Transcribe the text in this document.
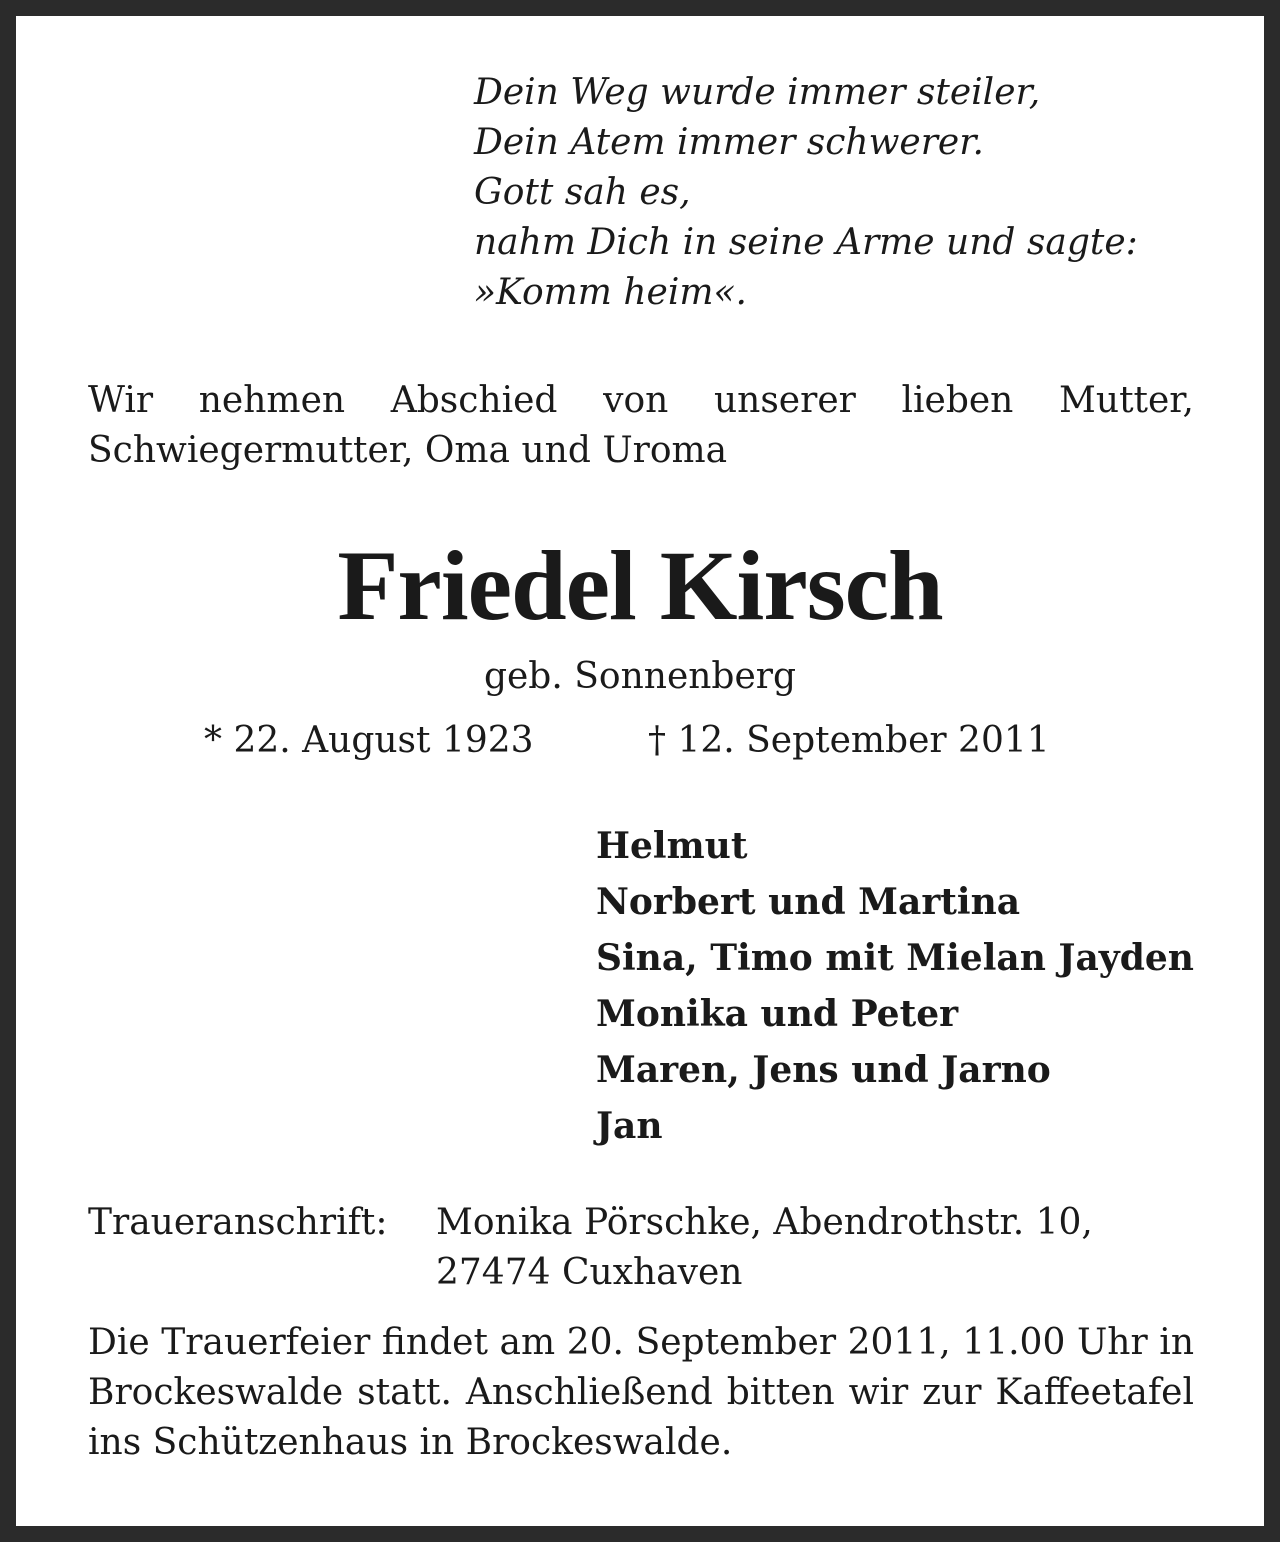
Dein Weg wurde immer steiler,
Dein Atem immer schwerer.
Gott sah es,
nahm Dich in seine Arme und sagte:
»Komm heim«.
Wir nehmen Abschied von unserer lieben Mutter,
Schwiegermutter, Oma und Uroma
Friedel Kirsch
geb. Sonnenberg
* 22. August 1923	† 12. September 2011
Helmut
Norbert und Martina
Sina, Timo mit Mielan Jayden
Monika und Peter
Maren, Jens und Jarno
Jan
Traueranschrift: Monika Pörschke, Abendrothstr. 10,
27474 Cuxhaven
Die Trauerfeier findet am 20. September 2011, 11.00 Uhr in Brockeswalde statt. Anschließend bitten wir zur Kaffeetafel ins Schützenhaus in Brockeswalde.
